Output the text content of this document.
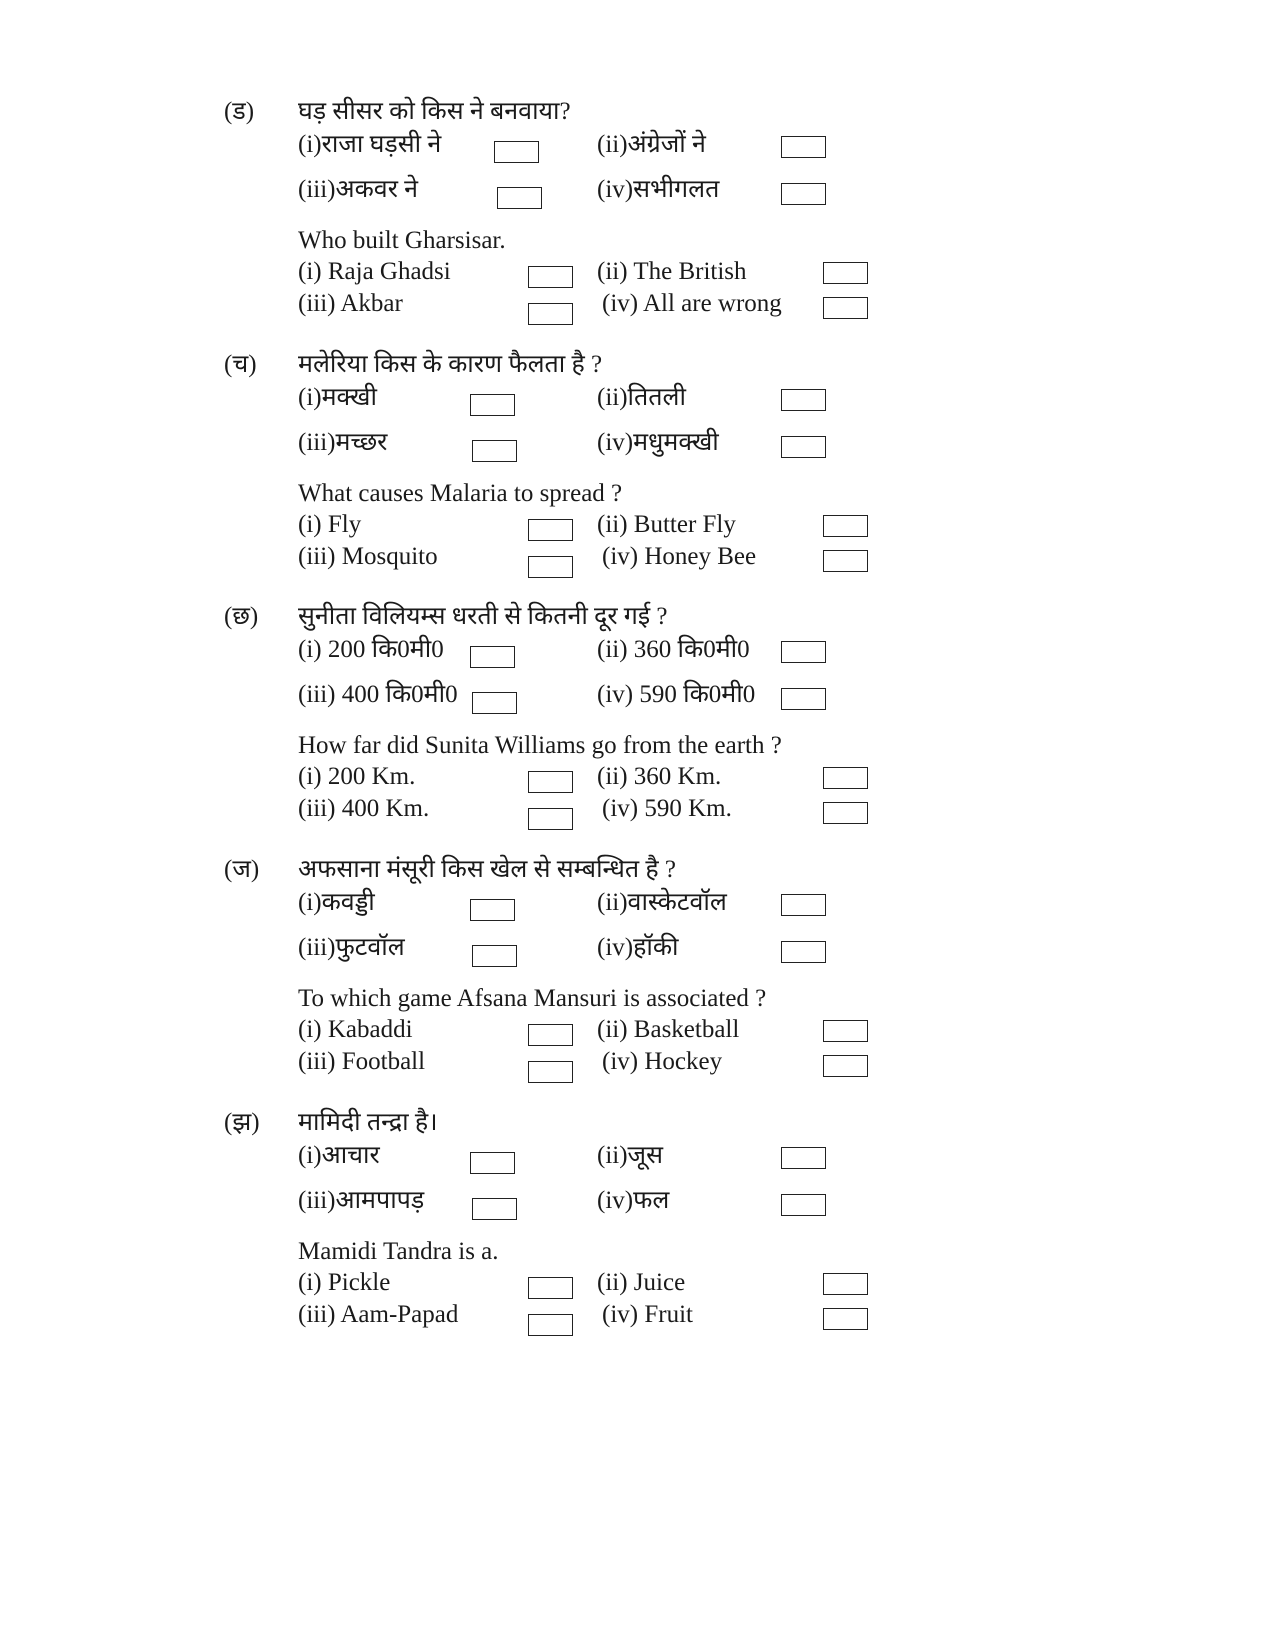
(ड) घड़ सीसर को किस ने बनवाया?
(i)राजा घड़सी ने	(ii)अंग्रेजों ने
(iii)अकवर ने	(iv)सभीगलत
Who built Gharsisar.
(i) Raja Ghadsi	(ii) The British
(iii) Akbar	(iv) All are wrong
(च) मलेरिया किस के कारण फैलता है ?
(i)मक्खी	(ii)तितली
(iii)मच्छर	(iv)मधुमक्खी
What causes Malaria to spread ?
(i) Fly	(ii) Butter Fly
(iii) Mosquito	(iv) Honey Bee
(छ) सुनीता विलियम्स धरती से कितनी दूर गई ?
(i) 200 कि0मी0	(ii) 360 कि0मी0
(iii) 400 कि0मी0	(iv) 590 कि0मी0
How far did Sunita Williams go from the earth ?
(i) 200 Km.	(ii) 360 Km.
(iii) 400 Km.	(iv) 590 Km.
(ज) अफसाना मंसूरी किस खेल से सम्बन्धित है ?
(i)कवड्डी	(ii)वास्केटवॉल
(iii)फुटवॉल	(iv)हॉकी
To which game Afsana Mansuri is associated ?
(i) Kabaddi	(ii) Basketball
(iii) Football	(iv) Hockey
(झ) मामिदी तन्द्रा है।
(i)आचार	(ii)जूस
(iii)आमपापड़	(iv)फल
Mamidi Tandra is a.
(i) Pickle	(ii) Juice
(iii) Aam-Papad	(iv) Fruit
